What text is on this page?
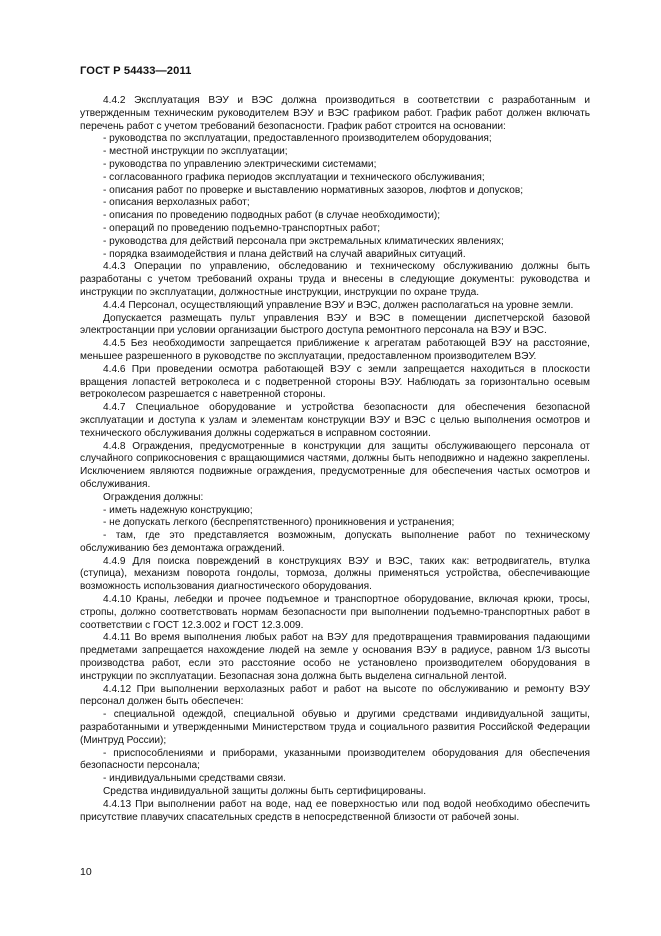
ГОСТ Р 54433—2011

4.4.2 Эксплуатация ВЭУ и ВЭС должна производиться в соответствии с разработанным и утвержденным техническим руководителем ВЭУ и ВЭС графиком работ. График работ должен включать перечень работ с учетом требований безопасности. График работ строится на основании:

- руководства по эксплуатации, предоставленного производителем оборудования;

- местной инструкции по эксплуатации;

- руководства по управлению электрическими системами;

- согласованного графика периодов эксплуатации и технического обслуживания;

- описания работ по проверке и выставлению нормативных зазоров, люфтов и допусков;

- описания верхолазных работ;

- описания по проведению подводных работ (в случае необходимости);

- операций по проведению подъемно-транспортных работ;

- руководства для действий персонала при экстремальных климатических явлениях;

- порядка взаимодействия и плана действий на случай аварийных ситуаций.

4.4.3 Операции по управлению, обследованию и техническому обслуживанию должны быть разработаны с учетом требований охраны труда и внесены в следующие документы: руководства и инструкции по эксплуатации, должностные инструкции, инструкции по охране труда.

4.4.4 Персонал, осуществляющий управление ВЭУ и ВЭС, должен располагаться на уровне земли.

Допускается размещать пульт управления ВЭУ и ВЭС в помещении диспетчерской базовой электростанции при условии организации быстрого доступа ремонтного персонала на ВЭУ и ВЭС.

4.4.5 Без необходимости запрещается приближение к агрегатам работающей ВЭУ на расстояние, меньшее разрешенного в руководстве по эксплуатации, предоставленном производителем ВЭУ.

4.4.6 При проведении осмотра работающей ВЭУ с земли запрещается находиться в плоскости вращения лопастей ветроколеса и с подветренной стороны ВЭУ. Наблюдать за горизонтально осевым ветроколесом разрешается с наветренной стороны.

4.4.7 Специальное оборудование и устройства безопасности для обеспечения безопасной эксплуатации и доступа к узлам и элементам конструкции ВЭУ и ВЭС с целью выполнения осмотров и технического обслуживания должны содержаться в исправном состоянии.

4.4.8 Ограждения, предусмотренные в конструкции для защиты обслуживающего персонала от случайного соприкосновения с вращающимися частями, должны быть неподвижно и надежно закреплены. Исключением являются подвижные ограждения, предусмотренные для обеспечения частых осмотров и обслуживания.

Ограждения должны:

- иметь надежную конструкцию;

- не допускать легкого (беспрепятственного) проникновения и устранения;

- там, где это представляется возможным, допускать выполнение работ по техническому обслуживанию без демонтажа ограждений.

4.4.9 Для поиска повреждений в конструкциях ВЭУ и ВЭС, таких как: ветродвигатель, втулка (ступица), механизм поворота гондолы, тормоза, должны применяться устройства, обеспечивающие возможность использования диагностического оборудования.

4.4.10 Краны, лебедки и прочее подъемное и транспортное оборудование, включая крюки, тросы, стропы, должно соответствовать нормам безопасности при выполнении подъемно-транспортных работ в соответствии с ГОСТ 12.3.002 и ГОСТ 12.3.009.

4.4.11 Во время выполнения любых работ на ВЭУ для предотвращения травмирования падающими предметами запрещается нахождение людей на земле у основания ВЭУ в радиусе, равном 1/3 высоты производства работ, если это расстояние особо не установлено производителем оборудования в инструкции по эксплуатации. Безопасная зона должна быть выделена сигнальной лентой.

4.4.12 При выполнении верхолазных работ и работ на высоте по обслуживанию и ремонту ВЭУ персонал должен быть обеспечен:

- специальной одеждой, специальной обувью и другими средствами индивидуальной защиты, разработанными и утвержденными Министерством труда и социального развития Российской Федерации (Минтруд России);

- приспособлениями и приборами, указанными производителем оборудования для обеспечения безопасности персонала;

- индивидуальными средствами связи.

Средства индивидуальной защиты должны быть сертифицированы.

4.4.13 При выполнении работ на воде, над ее поверхностью или под водой необходимо обеспечить присутствие плавучих спасательных средств в непосредственной близости от рабочей зоны.

10
